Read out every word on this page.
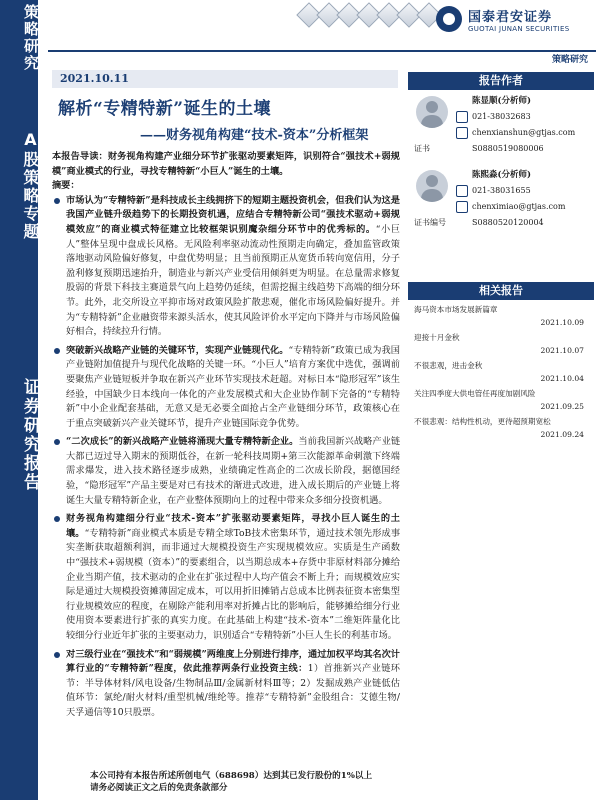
策略研究
A股策略专题
证券研究报告
国泰君安证券
GUOTAI JUNAN SECURITIES
策略研究
2021.10.11
解析“专精特新”诞生的土壤
——财务视角构建“技术-资本”分析框架

本报告导读：财务视角构建产业细分环节扩张驱动要素矩阵，识别符合“强技术+弱规模”商业模式的行业，寻找专精特新“小巨人”诞生的土壤。

摘要：

市场认为“专精特新”是科技成长主线拥挤下的短期主题投资机会，但我们认为这是我国产业链升级趋势下的长期投资机遇，应结合专精特新公司“强技术驱动+弱规模效应”的商业模式特征建立比较框架识别魔杂细分环节中的优秀标的。“小巨人”整体呈现中盘成长风格。无风险利率驱动流动性预期走向确定，叠加监管政策落地驱动风险偏好修复，中盘优势明显；且当前预期正从宽货币转向宽信用，分子盈利修复预期迅速抬升，制造业与新兴产业受信用倾斜更为明显。在总量需求修复股弱的背景下科技主赛道景气向上趋势仍延续，但需挖掘主线趋势下高端的细分环节。此外，北交所设立平抑市场对政策风险扩散悲观，催化市场风险偏好提升。并为“专精特新”企业融资带来源头活水，使其风险评价水平定向下降并与市场风险偏好相合，持续拉升行情。
突破新兴战略产业链的关键环节，实现产业链现代化。“专精特新”政策已成为我国产业链附加值提升与现代化战略的关键一环。“小巨人”培育方案优中选优，强调前要聚焦产业链短板并争取在新兴产业环节实现技术赶超。对标日本“隐形冠军”该生经验，中国缺少日本线向一体化的产业发展模式和大企业协作制下完备的“专精特新”中小企业配套基础，无意又是无必要全面抢占全产业链细分环节，政策核心在于重点突破新兴产业关键环节，提升产业链国际竞争优势。
“二次成长”的新兴战略产业链将涌现大量专精特新企业。当前我国新兴战略产业链大都已迈过导入期末的预期低谷，在新一轮科技周期+第三次能源革命刺激下终端需求爆发，进入技术路径逐步成熟，业绩确定性高企的二次成长阶段，据德国经验，“隐形冠军”产品主要是对已有技术的渐进式改进，进入成长期后的产业链上将诞生大量专精特新企业，在产业整体预期向上的过程中带来众多细分投资机遇。
财务视角构建细分行业“技术-资本”扩张驱动要素矩阵，寻找小巨人诞生的土壤。“专精特新”商业模式本质是专精全球ToB技术密集环节，通过技术领先形成事实垄断获取超额利润，而非通过大规模投资生产实现规模效应。实质是生产函数中“强技术+弱规模（资本）”的要素组合，以当期总成本+存货中非原材料部分摊给企业当期产值，技术驱动的企业在扩张过程中人均产值会不断上升；而规模效应实际是通过大规模投资摊薄固定成本，可以用折旧摊销占总成本比例表征资本密集型行业规模效应的程度，在剔除产能利用率对折摊占比的影响后，能够摊给细分行业使用资本要素进行扩张的真实力度。在此基础上构建“技术-资本”二维矩阵量化比较细分行业近年扩张的主要驱动力，识别适合“专精特新”小巨人生长的利基市场。
对三级行业在“强技术”和“弱规模”两维度上分别进行排序，通过加权平均其名次计算行业的“专精特新”程度，依此推荐两条行业投资主线：1）首推新兴产业链环节：半导体材料/风电设备/生物制品Ⅲ/金属新材料Ⅲ等；2）发掘成熟产业链低估值环节：氯纶/耐火材料/重型机械/维纶等。推荐“专精特新”金股组合：艾德生物/天孚通信等10只股票。
本公司持有本报告所述所创电气（688698）达到其已发行股份的1%以上
请务必阅读正文之后的免责条款部分
报告作者
陈显顺(分析师)
021-38032683
chenxianshun@gtjas.com
证书	S0880519080006
陈熙淼(分析师)
021-38031655
chenximiao@gtjas.com
证书编号	S0880520120004
相关报告
海马资本市场发展新篇章
2021.10.09
迎接十月金秋
2021.10.07
不很悲观，进击金秋
2021.10.04
关注四季度大供电管任再度加剧风险
2021.09.25
不很悲观：结构性机动，更待超预期宽松
2021.09.24
